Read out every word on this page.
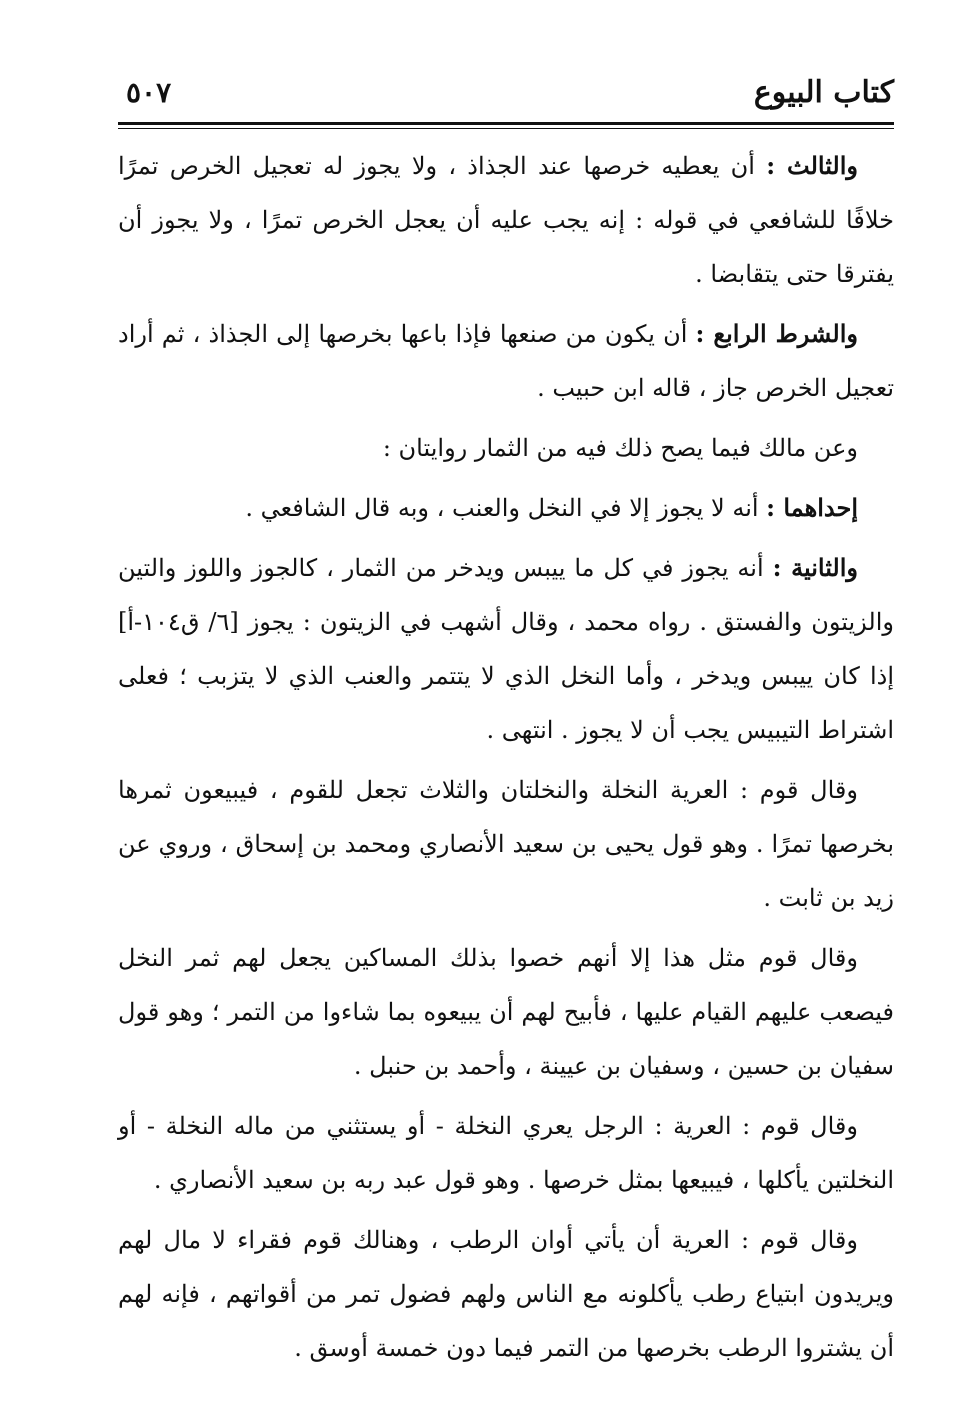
كتاب البيوع
٥٠٧

والثالث : أن يعطيه خرصها عند الجذاذ ، ولا يجوز له تعجيل الخرص تمرًا خلافًا للشافعي في قوله : إنه يجب عليه أن يعجل الخرص تمرًا ، ولا يجوز أن يفترقا حتى يتقابضا .

والشرط الرابع : أن يكون من صنعها فإذا باعها بخرصها إلى الجذاذ ، ثم أراد تعجيل الخرص جاز ، قاله ابن حبيب .

وعن مالك فيما يصح ذلك فيه من الثمار روايتان :

إحداهما : أنه لا يجوز إلا في النخل والعنب ، وبه قال الشافعي .

والثانية : أنه يجوز في كل ما ييبس ويدخر من الثمار ، كالجوز واللوز والتين والزيتون والفستق . رواه محمد ، وقال أشهب في الزيتون : يجوز [٦/ ق١٠٤-أ] إذا كان ييبس ويدخر ، وأما النخل الذي لا يتتمر والعنب الذي لا يتزبب ؛ فعلى اشتراط التيبيس يجب أن لا يجوز . انتهى .

وقال قوم : العرية النخلة والنخلتان والثلاث تجعل للقوم ، فيبيعون ثمرها بخرصها تمرًا . وهو قول يحيى بن سعيد الأنصاري ومحمد بن إسحاق ، وروي عن زيد بن ثابت .

وقال قوم مثل هذا إلا أنهم خصوا بذلك المساكين يجعل لهم ثمر النخل فيصعب عليهم القيام عليها ، فأبيح لهم أن يبيعوه بما شاءوا من التمر ؛ وهو قول سفيان بن حسين ، وسفيان بن عيينة ، وأحمد بن حنبل .

وقال قوم : العرية : الرجل يعري النخلة - أو يستثني من ماله النخلة - أو النخلتين يأكلها ، فيبيعها بمثل خرصها . وهو قول عبد ربه بن سعيد الأنصاري .

وقال قوم : العرية أن يأتي أوان الرطب ، وهنالك قوم فقراء لا مال لهم ويريدون ابتياع رطب يأكلونه مع الناس ولهم فضول تمر من أقواتهم ، فإنه لهم أن يشتروا الرطب بخرصها من التمر فيما دون خمسة أوسق .
